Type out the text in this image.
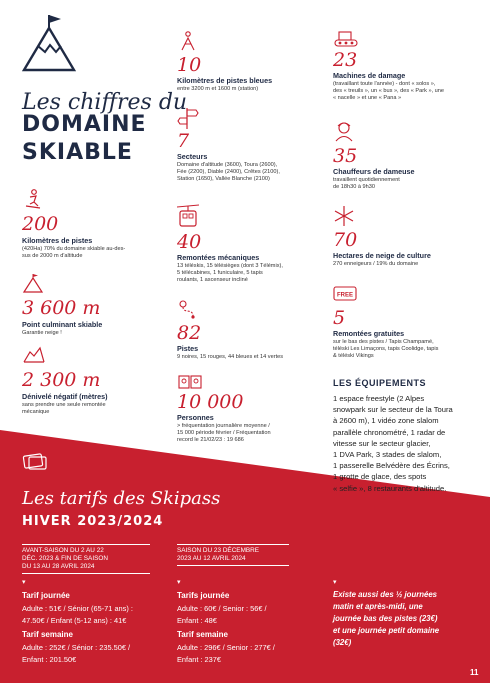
Les chiffres du
DOMAINE
SKIABLE
200
Kilomètres de pistes
(420Ha) 70% du domaine skiable au-des-
sus de 2000 m d'altitude
3 600 m
Point culminant skiable
Garantie neige !
2 300 m
Dénivelé négatif (mètres)
sans prendre une seule remontée
mécanique
10
Kilomètres de pistes bleues
entre 3200 m et 1600 m (station)
7
Secteurs
Domaine d'altitude (3600), Toura (2600),
Fée (2200), Diable (2400), Crêtes (2100),
Station (1650), Vallée Blanche (2100)
40
Remontées mécaniques
13 téléskis, 15 télésièges (dont 3 Télémix),
5 télécabines, 1 funiculaire, 5 tapis
roulants, 1 ascenseur incliné
82
Pistes
9 noires, 15 rouges, 44 bleues et 14 vertes
10 000
Personnes
> fréquentation journalière moyenne /
15 000 période février / Fréquentation
record le 21/02/23 : 19 686
23
Machines de damage
(travaillant toute l'année) - dont « solos »,
des « treuils », un « bus », des « Park », une
« nacelle » et une « Pana »
35
Chauffeurs de dameuse
travaillent quotidiennement
de 18h30 à 9h30
70
Hectares de neige de culture
270 enneigeurs / 19% du domaine
FREE
5
Remontées gratuites
sur le bas des pistes / Tapis Champamé,
téléski Les Limaçons, tapis Coolidge, tapis
& téléski Vikings
LES ÉQUIPEMENTS
1 espace freestyle (2 Alpes
snowpark sur le secteur de la Toura
à 2600 m), 1 vidéo zone slalom
parallèle chronométré, 1 radar de
vitesse sur le secteur glacier,
1 DVA Park, 3 stades de slalom,
1 passerelle Belvédère des Écrins,
1 grotte de glace, des spots
« selfie », 8 restaurants d'altitude.
Les tarifs des Skipass
HIVER 2023/2024
AVANT-SAISON DU 2 AU 22
DÉC. 2023 & FIN DE SAISON
DU 13 AU 28 AVRIL 2024
▾
Tarif journée
Adulte : 51€ / Sénior (65-71 ans) :
47.50€ / Enfant (5-12 ans) : 41€
Tarif semaine
Adulte : 252€ / Sénior : 235.50€ /
Enfant : 201.50€
SAISON DU 23 DÉCEMBRE
2023 AU 12 AVRIL 2024
▾
Tarifs journée
Adulte : 60€ / Senior : 56€ /
Enfant : 48€
Tarif semaine
Adulte : 296€ / Senior : 277€ /
Enfant : 237€
▾
Existe aussi des ½ journées
matin et après-midi, une
journée bas des pistes (23€)
et une journée petit domaine
(32€)
11
